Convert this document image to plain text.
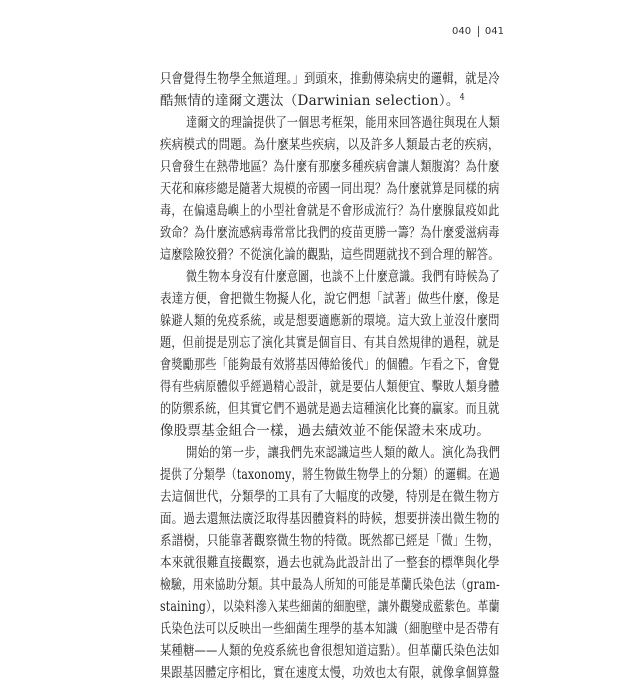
040 041
只會覺得生物學全無道理。」到頭來，推動傳染病史的邏輯，就是冷
酷無情的達爾文選汰（Darwinian selection）。$^4$
達爾文的理論提供了一個思考框架，能用來回答過往與現在人類
疾病模式的問題。為什麼某些疾病，以及許多人類最古老的疾病，
只會發生在熱帶地區？為什麼有那麼多種疾病會讓人類腹瀉？為什麼
天花和麻疹總是隨著大規模的帝國一同出現？為什麼就算是同樣的病
毒，在偏遠島嶼上的小型社會就是不會形成流行？為什麼腺鼠疫如此
致命？為什麼流感病毒常常比我們的疫苗更勝一籌？為什麼愛滋病毒
這麼陰險狡猾？不從演化論的觀點，這些問題就找不到合理的解答。
微生物本身沒有什麼意圖，也談不上什麼意識。我們有時候為了
表達方便，會把微生物擬人化，說它們想「試著」做些什麼，像是
躲避人類的免疫系統，或是想要適應新的環境。這大致上並沒什麼問
題，但前提是別忘了演化其實是個盲目、有其自然規律的過程，就是
會獎勵那些「能夠最有效將基因傳給後代」的個體。乍看之下，會覺
得有些病原體似乎經過精心設計，就是要佔人類便宜、擊敗人類身體
的防禦系統，但其實它們不過就是過去這種演化比賽的贏家。而且就
像股票基金組合一樣，過去績效並不能保證未來成功。
開始的第一步，讓我們先來認識這些人類的敵人。演化為我們
提供了分類學（taxonomy，將生物做生物學上的分類）的邏輯。在過
去這個世代，分類學的工具有了大幅度的改變，特別是在微生物方
面。過去還無法廣泛取得基因體資料的時候，想要拼湊出微生物的
系譜樹，只能靠著觀察微生物的特徵。既然都已經是「微」生物，
本來就很難直接觀察，過去也就為此設計出了一整套的標準與化學
檢驗，用來協助分類。其中最為人所知的可能是革蘭氏染色法（gram-
staining），以染料滲入某些細菌的細胞壁，讓外觀變成藍紫色。革蘭
氏染色法可以反映出一些細菌生理學的基本知識（細胞壁中是否帶有
某種糖——人類的免疫系統也會很想知道這點）。但革蘭氏染色法如
果跟基因體定序相比，實在速度太慢，功效也太有限，就像拿個算盤
